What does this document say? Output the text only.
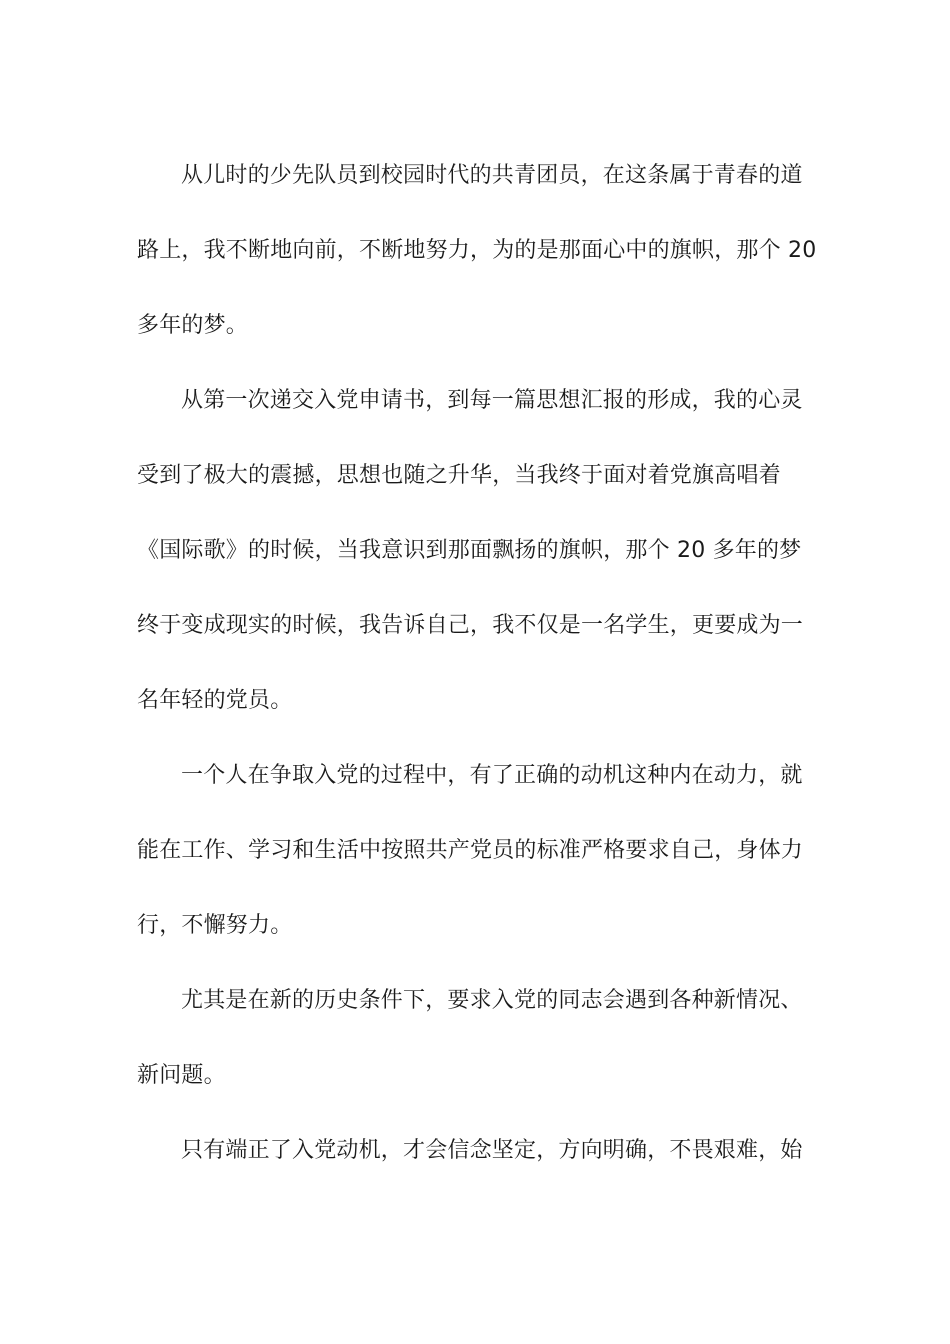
从儿时的少先队员到校园时代的共青团员，在这条属于青春的道
路上，我不断地向前，不断地努力，为的是那面心中的旗帜，那个 20
多年的梦。
从第一次递交入党申请书，到每一篇思想汇报的形成，我的心灵
受到了极大的震撼，思想也随之升华，当我终于面对着党旗高唱着
《国际歌》的时候，当我意识到那面飘扬的旗帜，那个 20 多年的梦
终于变成现实的时候，我告诉自己，我不仅是一名学生，更要成为一
名年轻的党员。
一个人在争取入党的过程中，有了正确的动机这种内在动力，就
能在工作、学习和生活中按照共产党员的标准严格要求自己，身体力
行，不懈努力。
尤其是在新的历史条件下，要求入党的同志会遇到各种新情况、
新问题。
只有端正了入党动机，才会信念坚定，方向明确，不畏艰难，始
